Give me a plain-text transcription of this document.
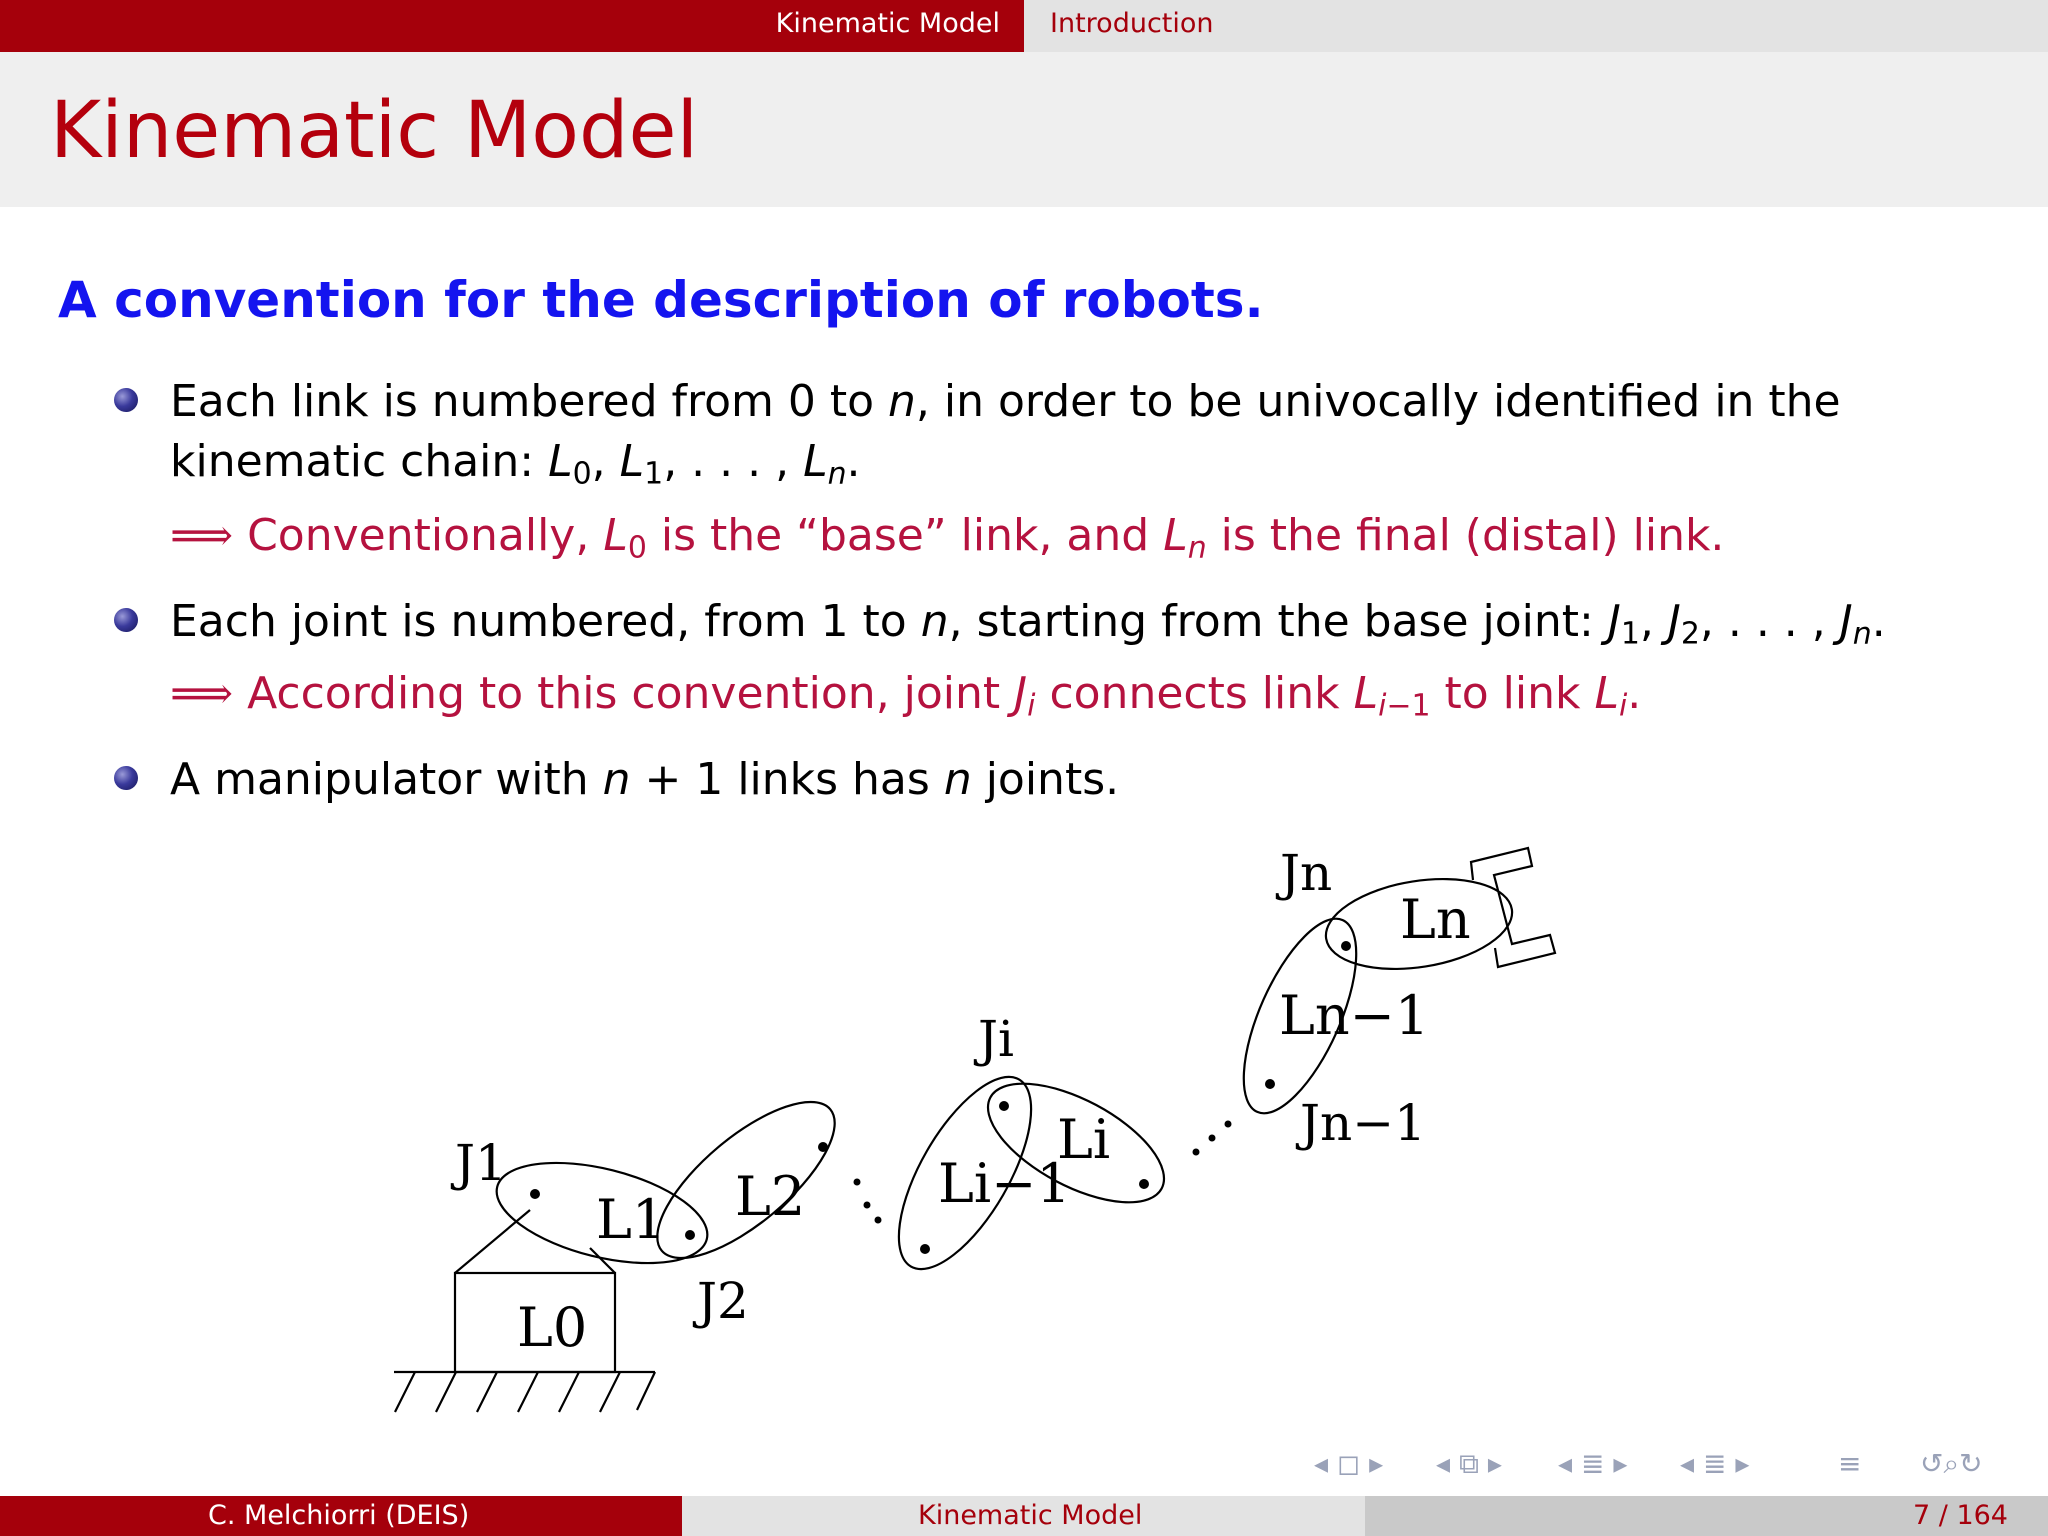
Kinematic Model Introduction
Kinematic Model
A convention for the description of robots.
Each link is numbered from 0 to n, in order to be univocally identified in the
kinematic chain: $L_0$, $L_1$, . . . , $L_n$.
⟹ Conventionally, $L_0$ is the “base” link, and $L_n$ is the final (distal) link.
Each joint is numbered, from 1 to n, starting from the base joint: $J_1$, $J_2$, . . . , $J_n$.
⟹ According to this convention, joint $J_i$ connects link $L_{i-1}$ to link $L_i$.
A manipulator with n + 1 links has n joints.
L0
L1 L2 Li−1
Li
Ln−1
Ln
J1
J2
Ji
Jn−1
Jn
◂ ◻ ▸ ◂ ⧉ ▸ ◂ ≣ ▸ ◂ ≣ ▸	≡ ↺⌕↻
C. Melchiorri (DEIS)	Kinematic Model	7 / 164
